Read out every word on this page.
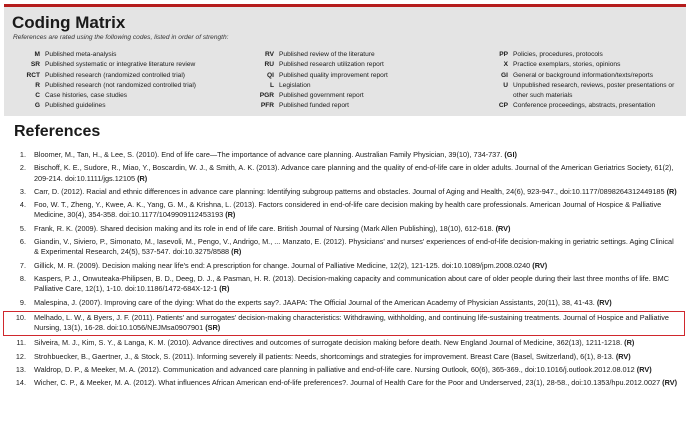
Coding Matrix
References are rated using the following codes, listed in order of strength:
M Published meta-analysis
SR Published systematic or integrative literature review
RCT Published research (randomized controlled trial)
R Published research (not randomized controlled trial)
C Case histories, case studies
G Published guidelines
RV Published review of the literature
RU Published research utilization report
QI Published quality improvement report
L Legislation
PGR Published government report
PFR Published funded report
PP Policies, procedures, protocols
X Practice exemplars, stories, opinions
GI General or background information/texts/reports
U Unpublished research, reviews, poster presentations or other such materials
CP Conference proceedings, abstracts, presentation
References
1.	Bloomer, M., Tan, H., & Lee, S. (2010). End of life care—The importance of advance care planning. Australian Family Physician, 39(10), 734-737. (GI)
2.	Bischoff, K. E., Sudore, R., Miao, Y., Boscardin, W. J., & Smith, A. K. (2013). Advance care planning and the quality of end-of-life care in older adults. Journal of the American Geriatrics Society, 61(2), 209-214. doi:10.1111/jgs.12105 (R)
3.	Carr, D. (2012). Racial and ethnic differences in advance care planning: Identifying subgroup patterns and obstacles. Journal of Aging and Health, 24(6), 923-947., doi:10.1177/0898264312449185 (R)
4.	Foo, W. T., Zheng, Y., Kwee, A. K., Yang, G. M., & Krishna, L. (2013). Factors considered in end-of-life care decision making by health care professionals. American Journal of Hospice & Palliative Medicine, 30(4), 354-358. doi:10.1177/1049909112453193 (R)
5.	Frank, R. K. (2009). Shared decision making and its role in end of life care. British Journal of Nursing (Mark Allen Publishing), 18(10), 612-618. (RV)
6.	Giandin, V., Siviero, P., Simonato, M., Iasevoli, M., Pengo, V., Andrigo, M., ... Manzato, E. (2012). Physicians' and nurses' experiences of end-of-life decision-making in geriatric settings. Aging Clinical & Experimental Research, 24(5), 537-547. doi:10.3275/8588 (R)
7.	Gillick, M. R. (2009). Decision making near life's end: A prescription for change. Journal of Palliative Medicine, 12(2), 121-125. doi:10.1089/jpm.2008.0240 (RV)
8.	Kaspers, P. J., Onwuteaka-Philipsen, B. D., Deeg, D. J., & Pasman, H. R. (2013). Decision-making capacity and communication about care of older people during their last three months of life. BMC Palliative Care, 12(1), 1-10. doi:10.1186/1472-684X-12-1 (R)
9.	Malespina, J. (2007). Improving care of the dying: What do the experts say?. JAAPA: The Official Journal of the American Academy of Physician Assistants, 20(11), 38, 41-43. (RV)
10.	Melhado, L. W., & Byers, J. F. (2011). Patients' and surrogates' decision-making characteristics: Withdrawing, withholding, and continuing life-sustaining treatments. Journal of Hospice and Palliative Nursing, 13(1), 16-28. doi:10.1056/NEJMsa0907901 (SR)
11.	Silveira, M. J., Kim, S. Y., & Langa, K. M. (2010). Advance directives and outcomes of surrogate decision making before death. New England Journal of Medicine, 362(13), 1211-1218. (R)
12.	Strohbuecker, B., Gaertner, J., & Stock, S. (2011). Informing severely ill patients: Needs, shortcomings and strategies for improvement. Breast Care (Basel, Switzerland), 6(1), 8-13. (RV)
13.	Waldrop, D. P., & Meeker, M. A. (2012). Communication and advanced care planning in palliative and end-of-life care. Nursing Outlook, 60(6), 365-369., doi:10.1016/j.outlook.2012.08.012 (RV)
14.	Wicher, C. P., & Meeker, M. A. (2012). What influences African American end-of-life preferences?. Journal of Health Care for the Poor and Underserved, 23(1), 28-58., doi:10.1353/hpu.2012.0027 (RV)
